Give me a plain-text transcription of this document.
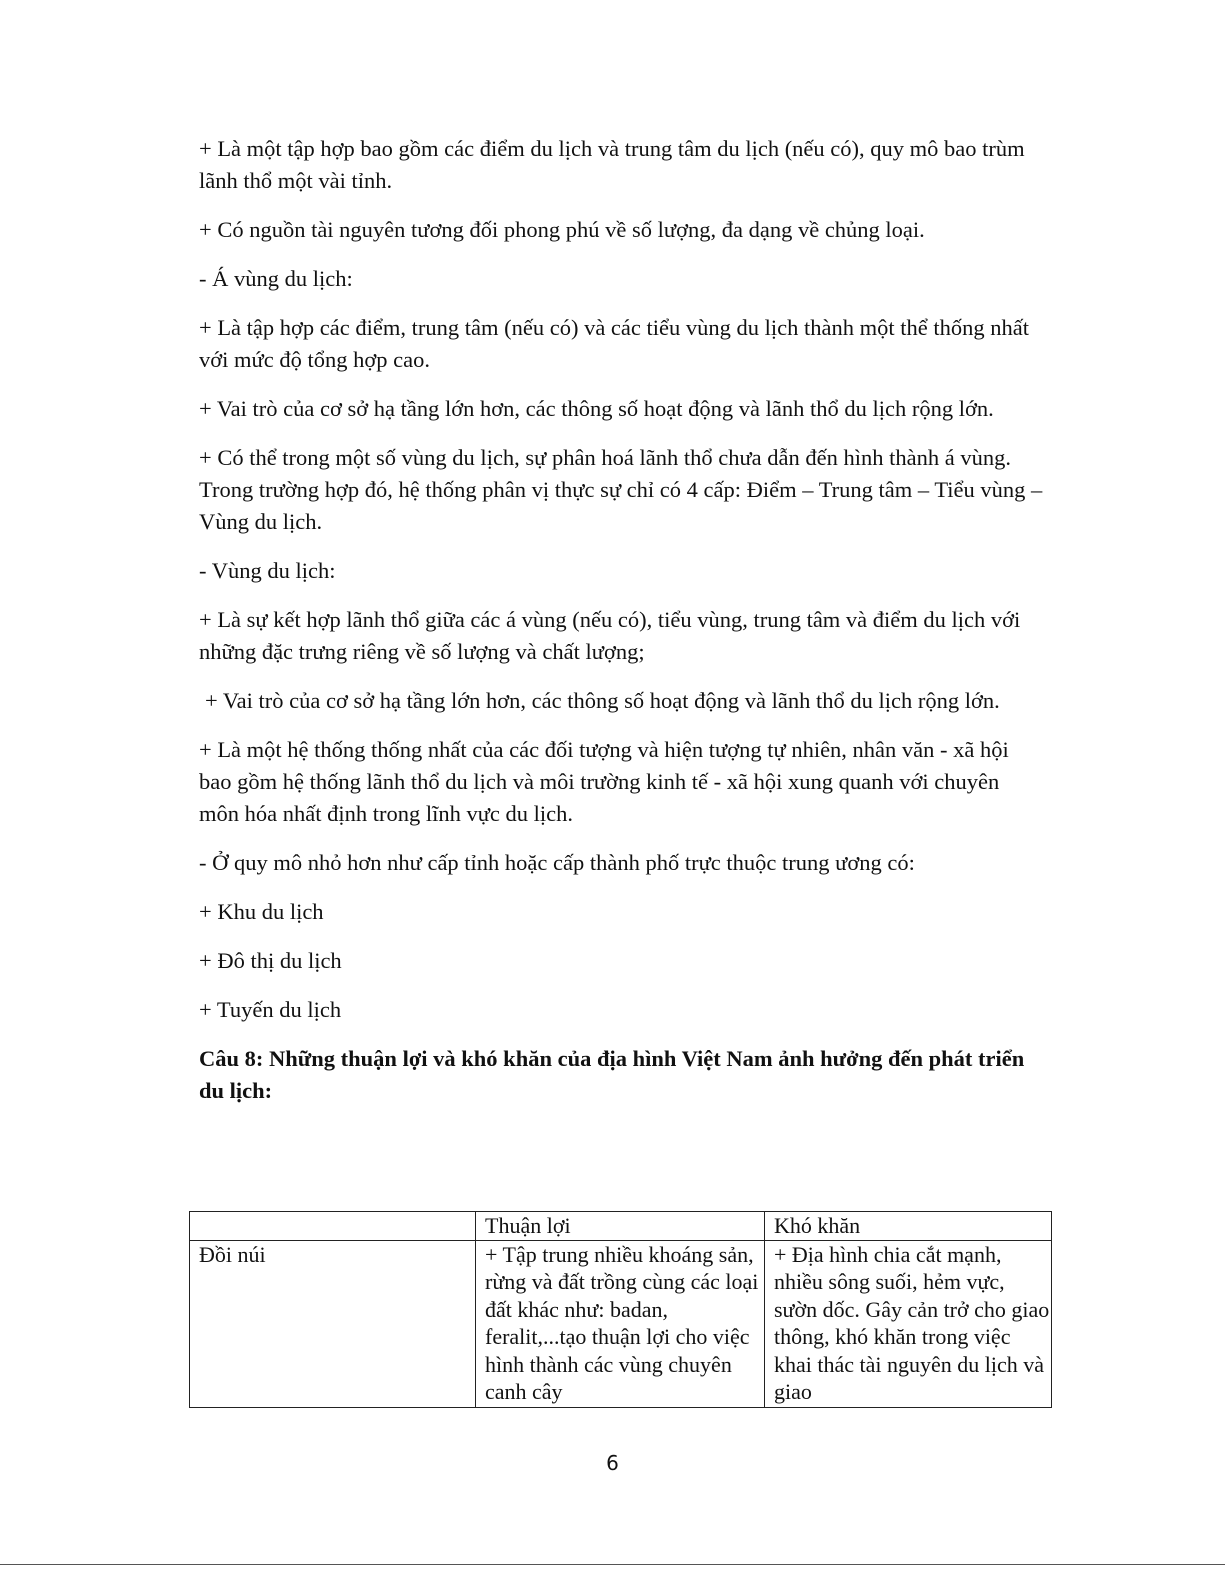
+ Là một tập hợp bao gồm các điểm du lịch và trung tâm du lịch (nếu có), quy mô bao trùm lãnh thổ một vài tỉnh.

+ Có nguồn tài nguyên tương đối phong phú về số lượng, đa dạng về chủng loại.

- Á vùng du lịch:

+ Là tập hợp các điểm, trung tâm (nếu có) và các tiểu vùng du lịch thành một thể thống nhất với mức độ tổng hợp cao.

+ Vai trò của cơ sở hạ tầng lớn hơn, các thông số hoạt động và lãnh thổ du lịch rộng lớn.

+ Có thể trong một số vùng du lịch, sự phân hoá lãnh thổ chưa dẫn đến hình thành á vùng. Trong trường hợp đó, hệ thống phân vị thực sự chỉ có 4 cấp: Điểm – Trung tâm – Tiểu vùng – Vùng du lịch.

- Vùng du lịch:

+ Là sự kết hợp lãnh thổ giữa các á vùng (nếu có), tiểu vùng, trung tâm và điểm du lịch với những đặc trưng riêng về số lượng và chất lượng;

+ Vai trò của cơ sở hạ tầng lớn hơn, các thông số hoạt động và lãnh thổ du lịch rộng lớn.

+ Là một hệ thống thống nhất của các đối tượng và hiện tượng tự nhiên, nhân văn - xã hội bao gồm hệ thống lãnh thổ du lịch và môi trường kinh tế - xã hội xung quanh với chuyên môn hóa nhất định trong lĩnh vực du lịch.

- Ở quy mô nhỏ hơn như cấp tỉnh hoặc cấp thành phố trực thuộc trung ương có:

+ Khu du lịch

+ Đô thị du lịch

+ Tuyến du lịch

Câu 8: Những thuận lợi và khó khăn của địa hình Việt Nam ảnh hưởng đến phát triển du lịch:
	Thuận lợi	Khó khăn

Đồi núi	+ Tập trung nhiều khoáng sản, rừng và đất trồng cùng các loại đất khác như: badan, feralit,...tạo thuận lợi cho việc hình thành các vùng chuyên canh cây	+ Địa hình chia cắt mạnh, nhiều sông suối, hẻm vực, sườn dốc. Gây cản trở cho giao thông, khó khăn trong việc khai thác tài nguyên du lịch và giao
6
